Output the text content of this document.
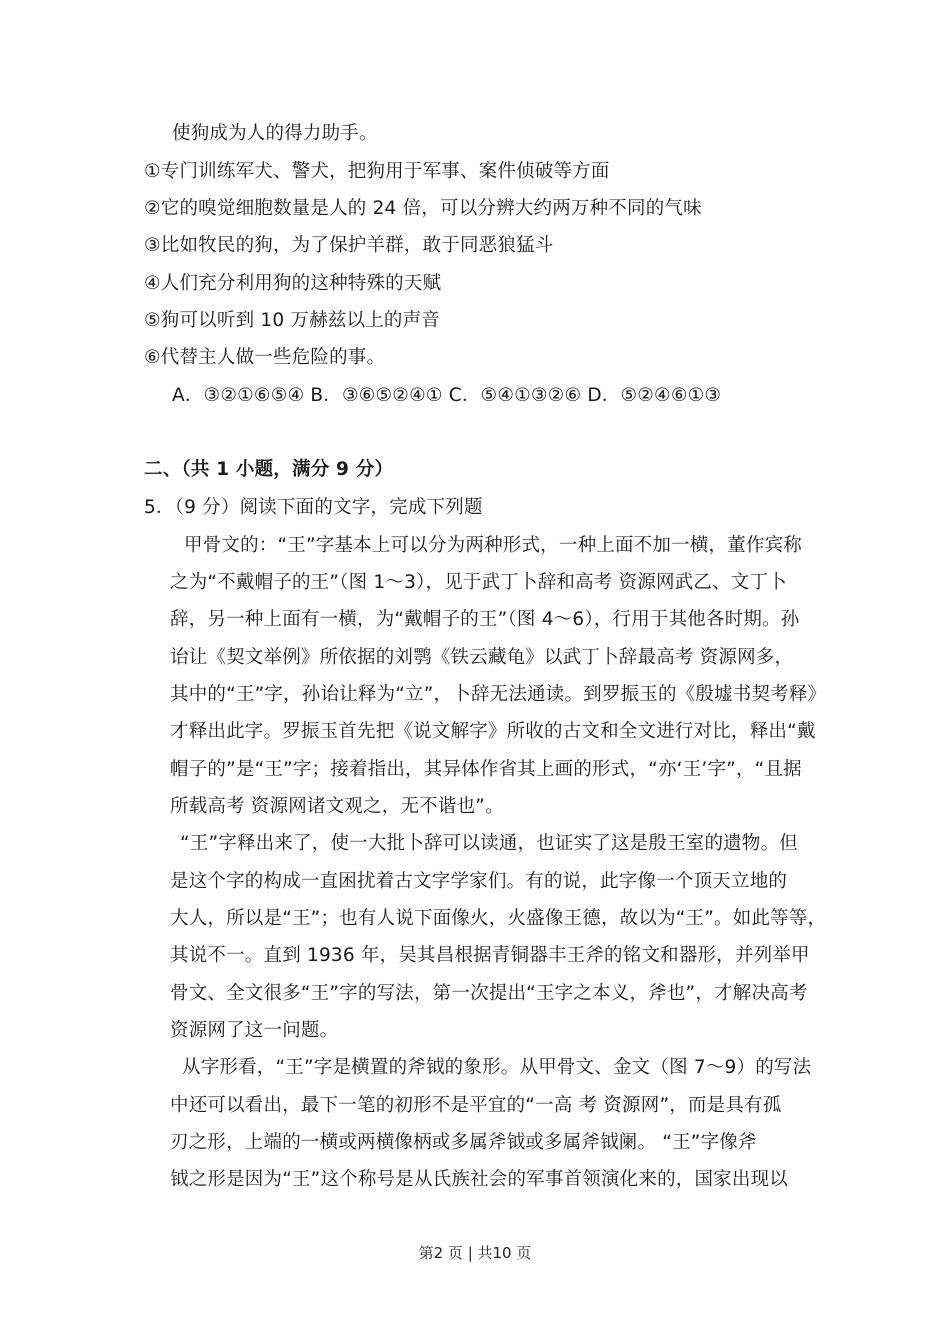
使狗成为人的得力助手。
①专门训练军犬、警犬，把狗用于军事、案件侦破等方面
②它的嗅觉细胞数量是人的 24 倍，可以分辨大约两万种不同的气味
③比如牧民的狗，为了保护羊群，敢于同恶狼猛斗
④人们充分利用狗的这种特殊的天赋
⑤狗可以听到 10 万赫兹以上的声音
⑥代替主人做一些危险的事。
A．③②①⑥⑤④ B．③⑥⑤②④① C．⑤④①③②⑥ D．⑤②④⑥①③
二、（共 1 小题，满分 9 分）
5．（9 分）阅读下面的文字，完成下列题
甲骨文的：“王”字基本上可以分为两种形式，一种上面不加一横，董作宾称
之为“不戴帽子的王”（图 1～3），见于武丁卜辞和高考 资源网武乙、文丁卜
辞，另一种上面有一横，为“戴帽子的王”（图 4～6），行用于其他各时期。孙
诒让《契文举例》所依据的刘鹗《铁云藏龟》以武丁卜辞最高考 资源网多，
其中的“王”字，孙诒让释为“立”，卜辞无法通读。到罗振玉的《殷墟书契考释》
才释出此字。罗振玉首先把《说文解字》所收的古文和全文进行对比，释出“戴
帽子的”是“王”字；接着指出，其异体作省其上画的形式，“亦‘王’字”，“且据
所载高考 资源网诸文观之，无不谐也”。
“王”字释出来了，使一大批卜辞可以读通，也证实了这是殷王室的遗物。但
是这个字的构成一直困扰着古文字学家们。有的说，此字像一个顶天立地的
大人，所以是“王”；也有人说下面像火，火盛像王德，故以为“王”。如此等等，
其说不一。直到 1936 年，吴其昌根据青铜器丰王斧的铭文和器形，并列举甲
骨文、全文很多“王”字的写法，第一次提出“王字之本义，斧也”，才解决高考
资源网了这一问题。
从字形看，“王”字是横置的斧钺的象形。从甲骨文、金文（图 7～9）的写法
中还可以看出，最下一笔的初形不是平宜的“一高 考 资源网”，而是具有孤
刃之形，上端的一横或两横像柄或多属斧钺或多属斧钺阑。 “王”字像斧
钺之形是因为“王”这个称号是从氏族社会的军事首领演化来的，国家出现以
第2 页 | 共10 页
